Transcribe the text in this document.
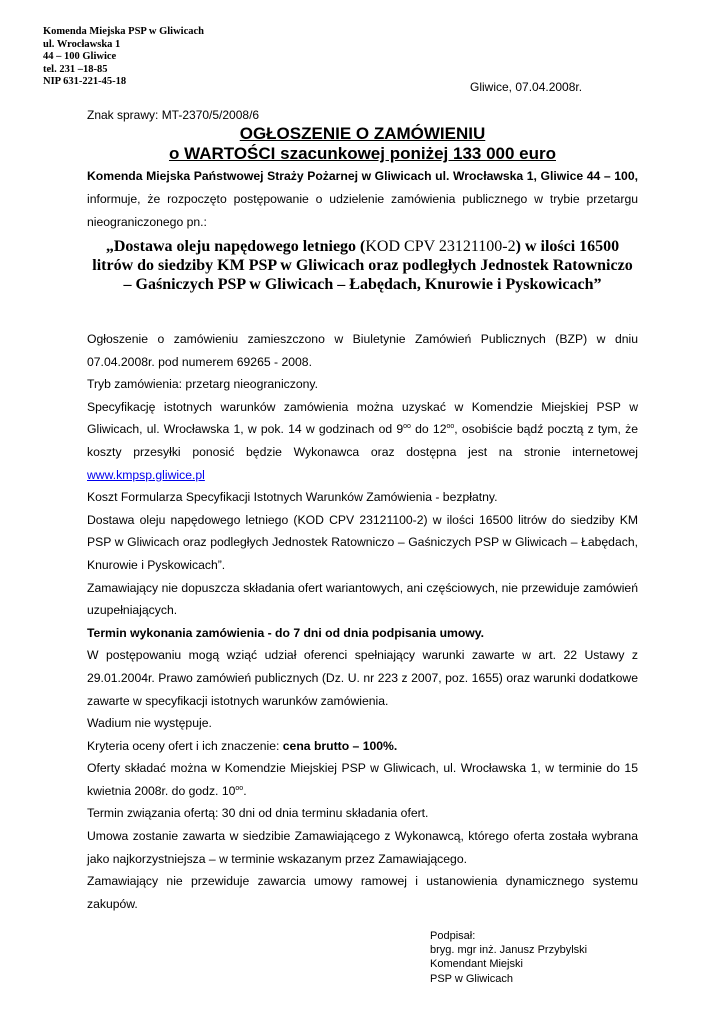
Komenda Miejska PSP w Gliwicach
ul. Wrocławska 1
44 – 100 Gliwice
tel. 231 –18-85
NIP 631-221-45-18	Gliwice, 07.04.2008r.
Znak sprawy: MT-2370/5/2008/6
OGŁOSZENIE O ZAMÓWIENIU
o WARTOŚCI szacunkowej poniżej 133 000 euro
Komenda Miejska Państwowej Straży Pożarnej w Gliwicach ul. Wrocławska 1, Gliwice 44 – 100, informuje, że rozpoczęto postępowanie o udzielenie zamówienia publicznego w trybie przetargu nieograniczonego pn.:
„Dostawa oleju napędowego letniego (KOD CPV 23121100-2) w ilości 16500 litrów do siedziby KM PSP w Gliwicach oraz podległych Jednostek Ratowniczo – Gaśniczych PSP w Gliwicach – Łabędach, Knurowie i Pyskowicach”

Ogłoszenie o zamówieniu zamieszczono w Biuletynie Zamówień Publicznych (BZP) w dniu 07.04.2008r. pod numerem 69265 - 2008.

Tryb zamówienia: przetarg nieograniczony.

Specyfikację istotnych warunków zamówienia można uzyskać w Komendzie Miejskiej PSP w Gliwicach, ul. Wrocławska 1, w pok. 14 w godzinach od $9^{oo}$ do $12^{oo}$, osobiście bądź pocztą z tym, że koszty przesyłki ponosić będzie Wykonawca oraz dostępna jest na stronie internetowej www.kmpsp.gliwice.pl

Koszt Formularza Specyfikacji Istotnych Warunków Zamówienia - bezpłatny.

Dostawa oleju napędowego letniego (KOD CPV 23121100-2) w ilości 16500 litrów do siedziby KM PSP w Gliwicach oraz podległych Jednostek Ratowniczo – Gaśniczych PSP w Gliwicach – Łabędach, Knurowie i Pyskowicach”.

Zamawiający nie dopuszcza składania ofert wariantowych, ani częściowych, nie przewiduje zamówień uzupełniających.

Termin wykonania zamówienia - do 7 dni od dnia podpisania umowy.

W postępowaniu mogą wziąć udział oferenci spełniający warunki zawarte w art. 22 Ustawy z 29.01.2004r. Prawo zamówień publicznych (Dz. U. nr 223 z 2007, poz. 1655) oraz warunki dodatkowe zawarte w specyfikacji istotnych warunków zamówienia.

Wadium nie występuje.

Kryteria oceny ofert i ich znaczenie: cena brutto – 100%.

Oferty składać można w Komendzie Miejskiej PSP w Gliwicach, ul. Wrocławska 1, w terminie do 15 kwietnia 2008r. do godz. $10^{oo}$.

Termin związania ofertą: 30 dni od dnia terminu składania ofert.

Umowa zostanie zawarta w siedzibie Zamawiającego z Wykonawcą, którego oferta została wybrana jako najkorzystniejsza – w terminie wskazanym przez Zamawiającego.

Zamawiający nie przewiduje zawarcia umowy ramowej i ustanowienia dynamicznego systemu zakupów.

Podpisał:
bryg. mgr inż. Janusz Przybylski
Komendant Miejski
PSP w Gliwicach
